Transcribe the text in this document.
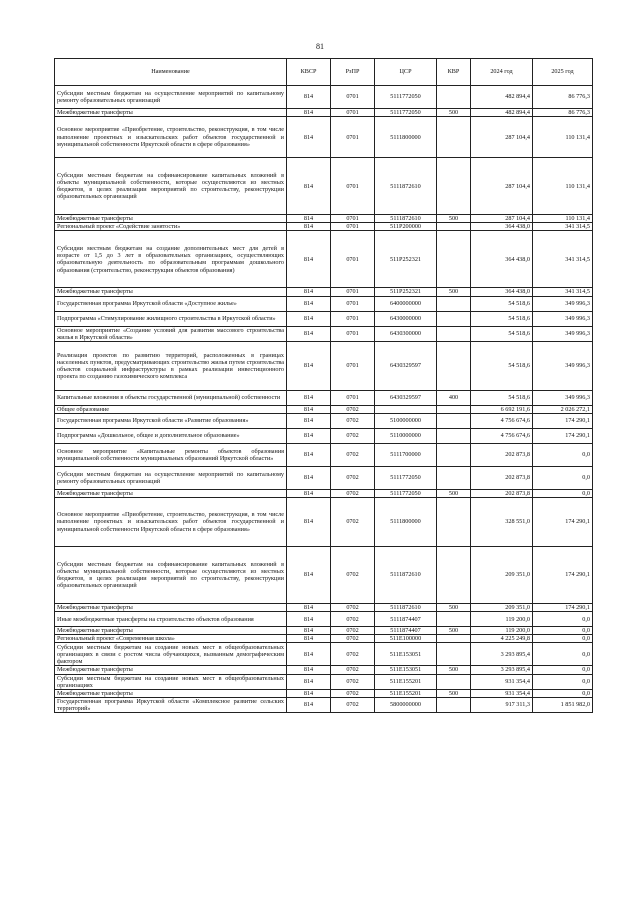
81
Наименование	КВСР	РзПР	ЦСР	КВР	2024 год	2025 год
Субсидии местным бюджетам на осуществление мероприятий по капитальному ремонту образовательных организаций	814	0701	5111772050		482 894,4	86 776,3
Межбюджетные трансферты	814	0701	5111772050	500	482 894,4	86 776,3
Основное мероприятие «Приобретение, строительство, реконструкция, в том числе выполнение проектных и изыскательских работ объектов государственной и муниципальной собственности Иркутской области в сфере образования»	814	0701	5111800000		287 104,4	110 131,4
Субсидии местным бюджетам на софинансирование капитальных вложений в объекты муниципальной собственности, которые осуществляются из местных бюджетов, в целях реализации мероприятий по строительству, реконструкции образовательных организаций	814	0701	5111872610		287 104,4	110 131,4
Межбюджетные трансферты	814	0701	5111872610	500	287 104,4	110 131,4
Региональный проект «Содействие занятости»	814	0701	511P200000		364 438,0	341 314,5
Субсидии местным бюджетам на создание дополнительных мест для детей в возрасте от 1,5 до 3 лет в образовательных организациях, осуществляющих образовательную деятельность по образовательным программам дошкольного образования (строительство, реконструкция объектов образования)	814	0701	511P252321		364 438,0	341 314,5
Межбюджетные трансферты	814	0701	511P252321	500	364 438,0	341 314,5
Государственная программа Иркутской области «Доступное жилье»	814	0701	6400000000		54 518,6	349 996,3
Подпрограмма «Стимулирование жилищного строительства в Иркутской области»	814	0701	6430000000		54 518,6	349 996,3
Основное мероприятие «Создание условий для развития массового строительства жилья в Иркутской области»	814	0701	6430300000		54 518,6	349 996,3
Реализация проектов по развитию территорий, расположенных в границах населенных пунктов, предусматривающих строительство жилья путем строительства объектов социальной инфраструктуры в рамках реализации инвестиционного проекта по созданию газохимического комплекса	814	0701	6430329597		54 518,6	349 996,3
Капитальные вложения в объекты государственной (муниципальной) собственности	814	0701	6430329597	400	54 518,6	349 996,3
Общее образование	814	0702			6 692 191,6	2 026 272,1
Государственная программа Иркутской области «Развитие образования»	814	0702	5100000000		4 756 674,6	174 290,1
Подпрограмма «Дошкольное, общее и дополнительное образование»	814	0702	5110000000		4 756 674,6	174 290,1
Основное мероприятие «Капитальные ремонты объектов образования муниципальной собственности муниципальных образований Иркутской области»	814	0702	5111700000		202 873,8	0,0
Субсидии местным бюджетам на осуществление мероприятий по капитальному ремонту образовательных организаций	814	0702	5111772050		202 873,8	0,0
Межбюджетные трансферты	814	0702	5111772050	500	202 873,8	0,0
Основное мероприятие «Приобретение, строительство, реконструкция, в том числе выполнение проектных и изыскательских работ объектов государственной и муниципальной собственности Иркутской области в сфере образования»	814	0702	5111800000		328 551,0	174 290,1
Субсидии местным бюджетам на софинансирование капитальных вложений в объекты муниципальной собственности, которые осуществляются из местных бюджетов, в целях реализации мероприятий по строительству, реконструкции образовательных организаций	814	0702	5111872610		209 351,0	174 290,1
Межбюджетные трансферты	814	0702	5111872610	500	209 351,0	174 290,1
Иные межбюджетные трансферты на строительство объектов образования	814	0702	5111874407		119 200,0	0,0
Межбюджетные трансферты	814	0702	5111874407	500	119 200,0	0,0
Региональный проект «Современная школа»	814	0702	511E100000		4 225 249,8	0,0
Субсидии местным бюджетам на создание новых мест в общеобразовательных организациях в связи с ростом числа обучающихся, вызванным демографическим фактором	814	0702	511E153051		3 293 895,4	0,0
Межбюджетные трансферты	814	0702	511E153051	500	3 293 895,4	0,0
Субсидии местным бюджетам на создание новых мест в общеобразовательных организациях	814	0702	511E155201		931 354,4	0,0
Межбюджетные трансферты	814	0702	511E155201	500	931 354,4	0,0
Государственная программа Иркутской области «Комплексное развитие сельских территорий»	814	0702	5800000000		917 311,3	1 851 982,0
